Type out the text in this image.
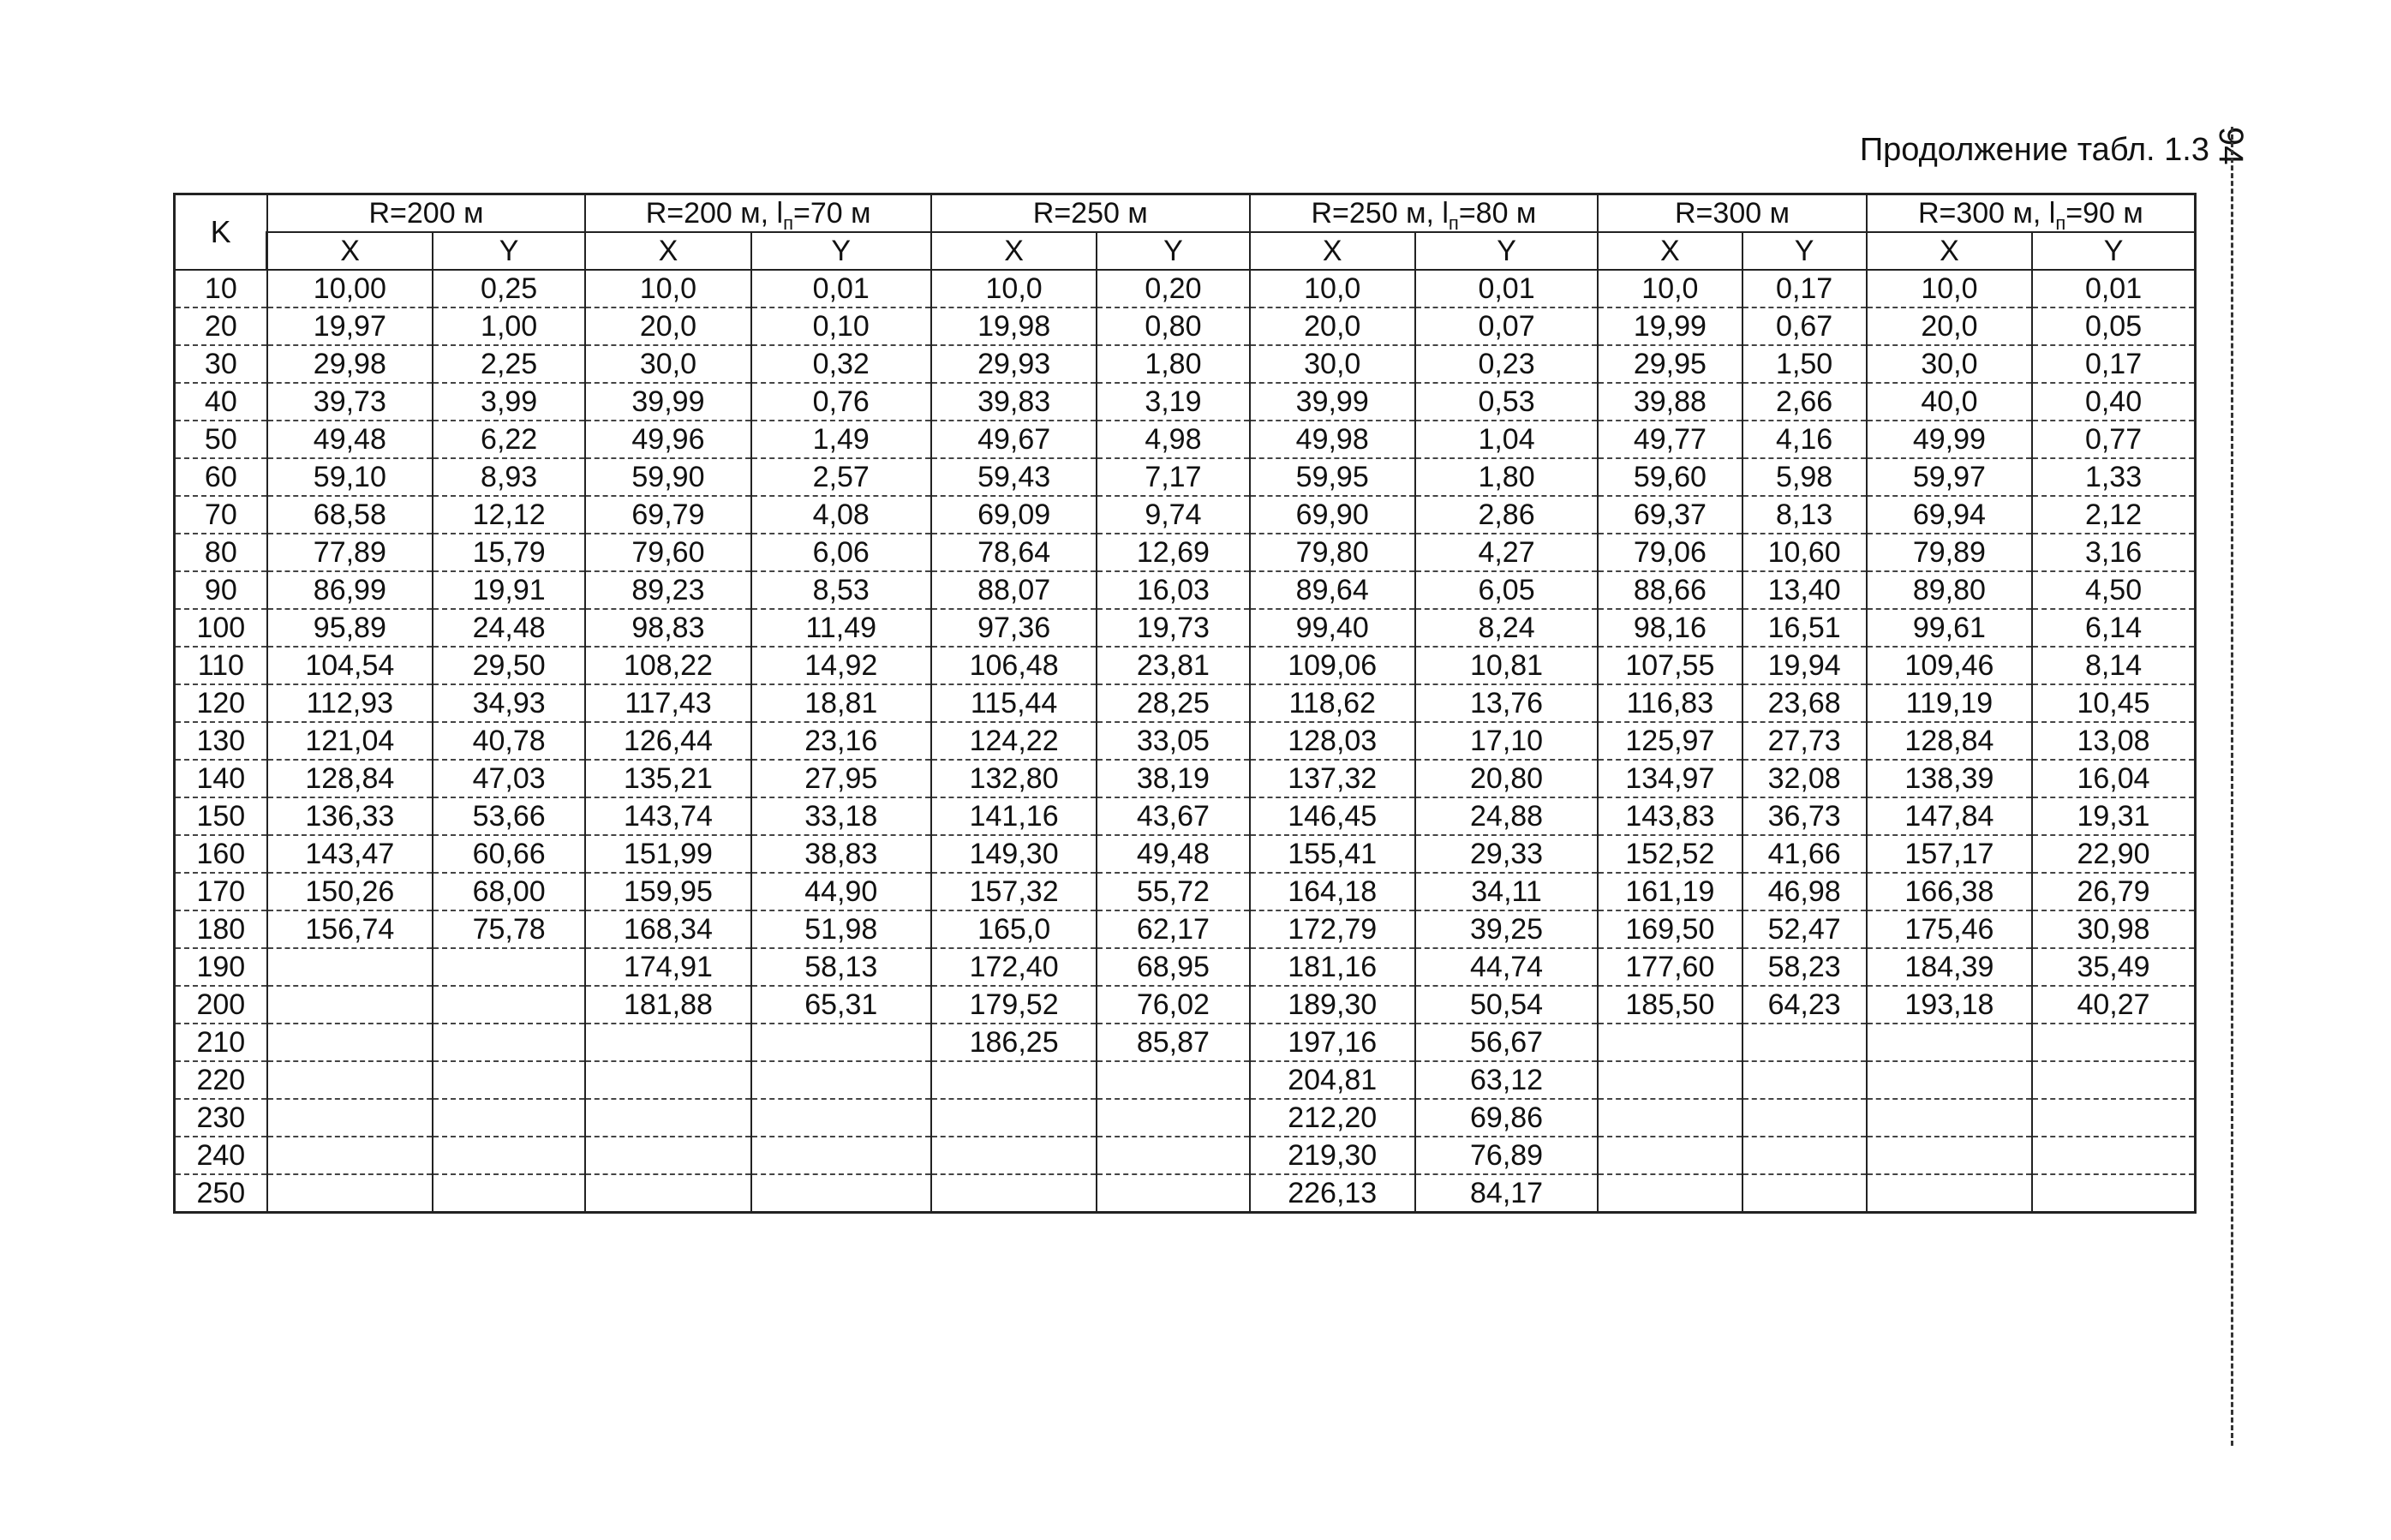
94
Продолжение табл. 1.3
K	R=200 м		R=200 м, $l_п=70$ м		R=250 м		R=250 м, $l_п=80$ м		R=300 м		R=300 м, $l_п=90$ м	
	X	Y	X	Y	X	Y	X	Y	X	Y	X	Y
10	10,00	0,25	10,0	0,01	10,0	0,20	10,0	0,01	10,0	0,17	10,0	0,01
20	19,97	1,00	20,0	0,10	19,98	0,80	20,0	0,07	19,99	0,67	20,0	0,05
30	29,98	2,25	30,0	0,32	29,93	1,80	30,0	0,23	29,95	1,50	30,0	0,17
40	39,73	3,99	39,99	0,76	39,83	3,19	39,99	0,53	39,88	2,66	40,0	0,40
50	49,48	6,22	49,96	1,49	49,67	4,98	49,98	1,04	49,77	4,16	49,99	0,77
60	59,10	8,93	59,90	2,57	59,43	7,17	59,95	1,80	59,60	5,98	59,97	1,33
70	68,58	12,12	69,79	4,08	69,09	9,74	69,90	2,86	69,37	8,13	69,94	2,12
80	77,89	15,79	79,60	6,06	78,64	12,69	79,80	4,27	79,06	10,60	79,89	3,16
90	86,99	19,91	89,23	8,53	88,07	16,03	89,64	6,05	88,66	13,40	89,80	4,50
100	95,89	24,48	98,83	11,49	97,36	19,73	99,40	8,24	98,16	16,51	99,61	6,14
110	104,54	29,50	108,22	14,92	106,48	23,81	109,06	10,81	107,55	19,94	109,46	8,14
120	112,93	34,93	117,43	18,81	115,44	28,25	118,62	13,76	116,83	23,68	119,19	10,45
130	121,04	40,78	126,44	23,16	124,22	33,05	128,03	17,10	125,97	27,73	128,84	13,08
140	128,84	47,03	135,21	27,95	132,80	38,19	137,32	20,80	134,97	32,08	138,39	16,04
150	136,33	53,66	143,74	33,18	141,16	43,67	146,45	24,88	143,83	36,73	147,84	19,31
160	143,47	60,66	151,99	38,83	149,30	49,48	155,41	29,33	152,52	41,66	157,17	22,90
170	150,26	68,00	159,95	44,90	157,32	55,72	164,18	34,11	161,19	46,98	166,38	26,79
180	156,74	75,78	168,34	51,98	165,0	62,17	172,79	39,25	169,50	52,47	175,46	30,98
190			174,91	58,13	172,40	68,95	181,16	44,74	177,60	58,23	184,39	35,49
200			181,88	65,31	179,52	76,02	189,30	50,54	185,50	64,23	193,18	40,27
210					186,25	85,87	197,16	56,67				
220							204,81	63,12				
230							212,20	69,86				
240							219,30	76,89				
250							226,13	84,17				
